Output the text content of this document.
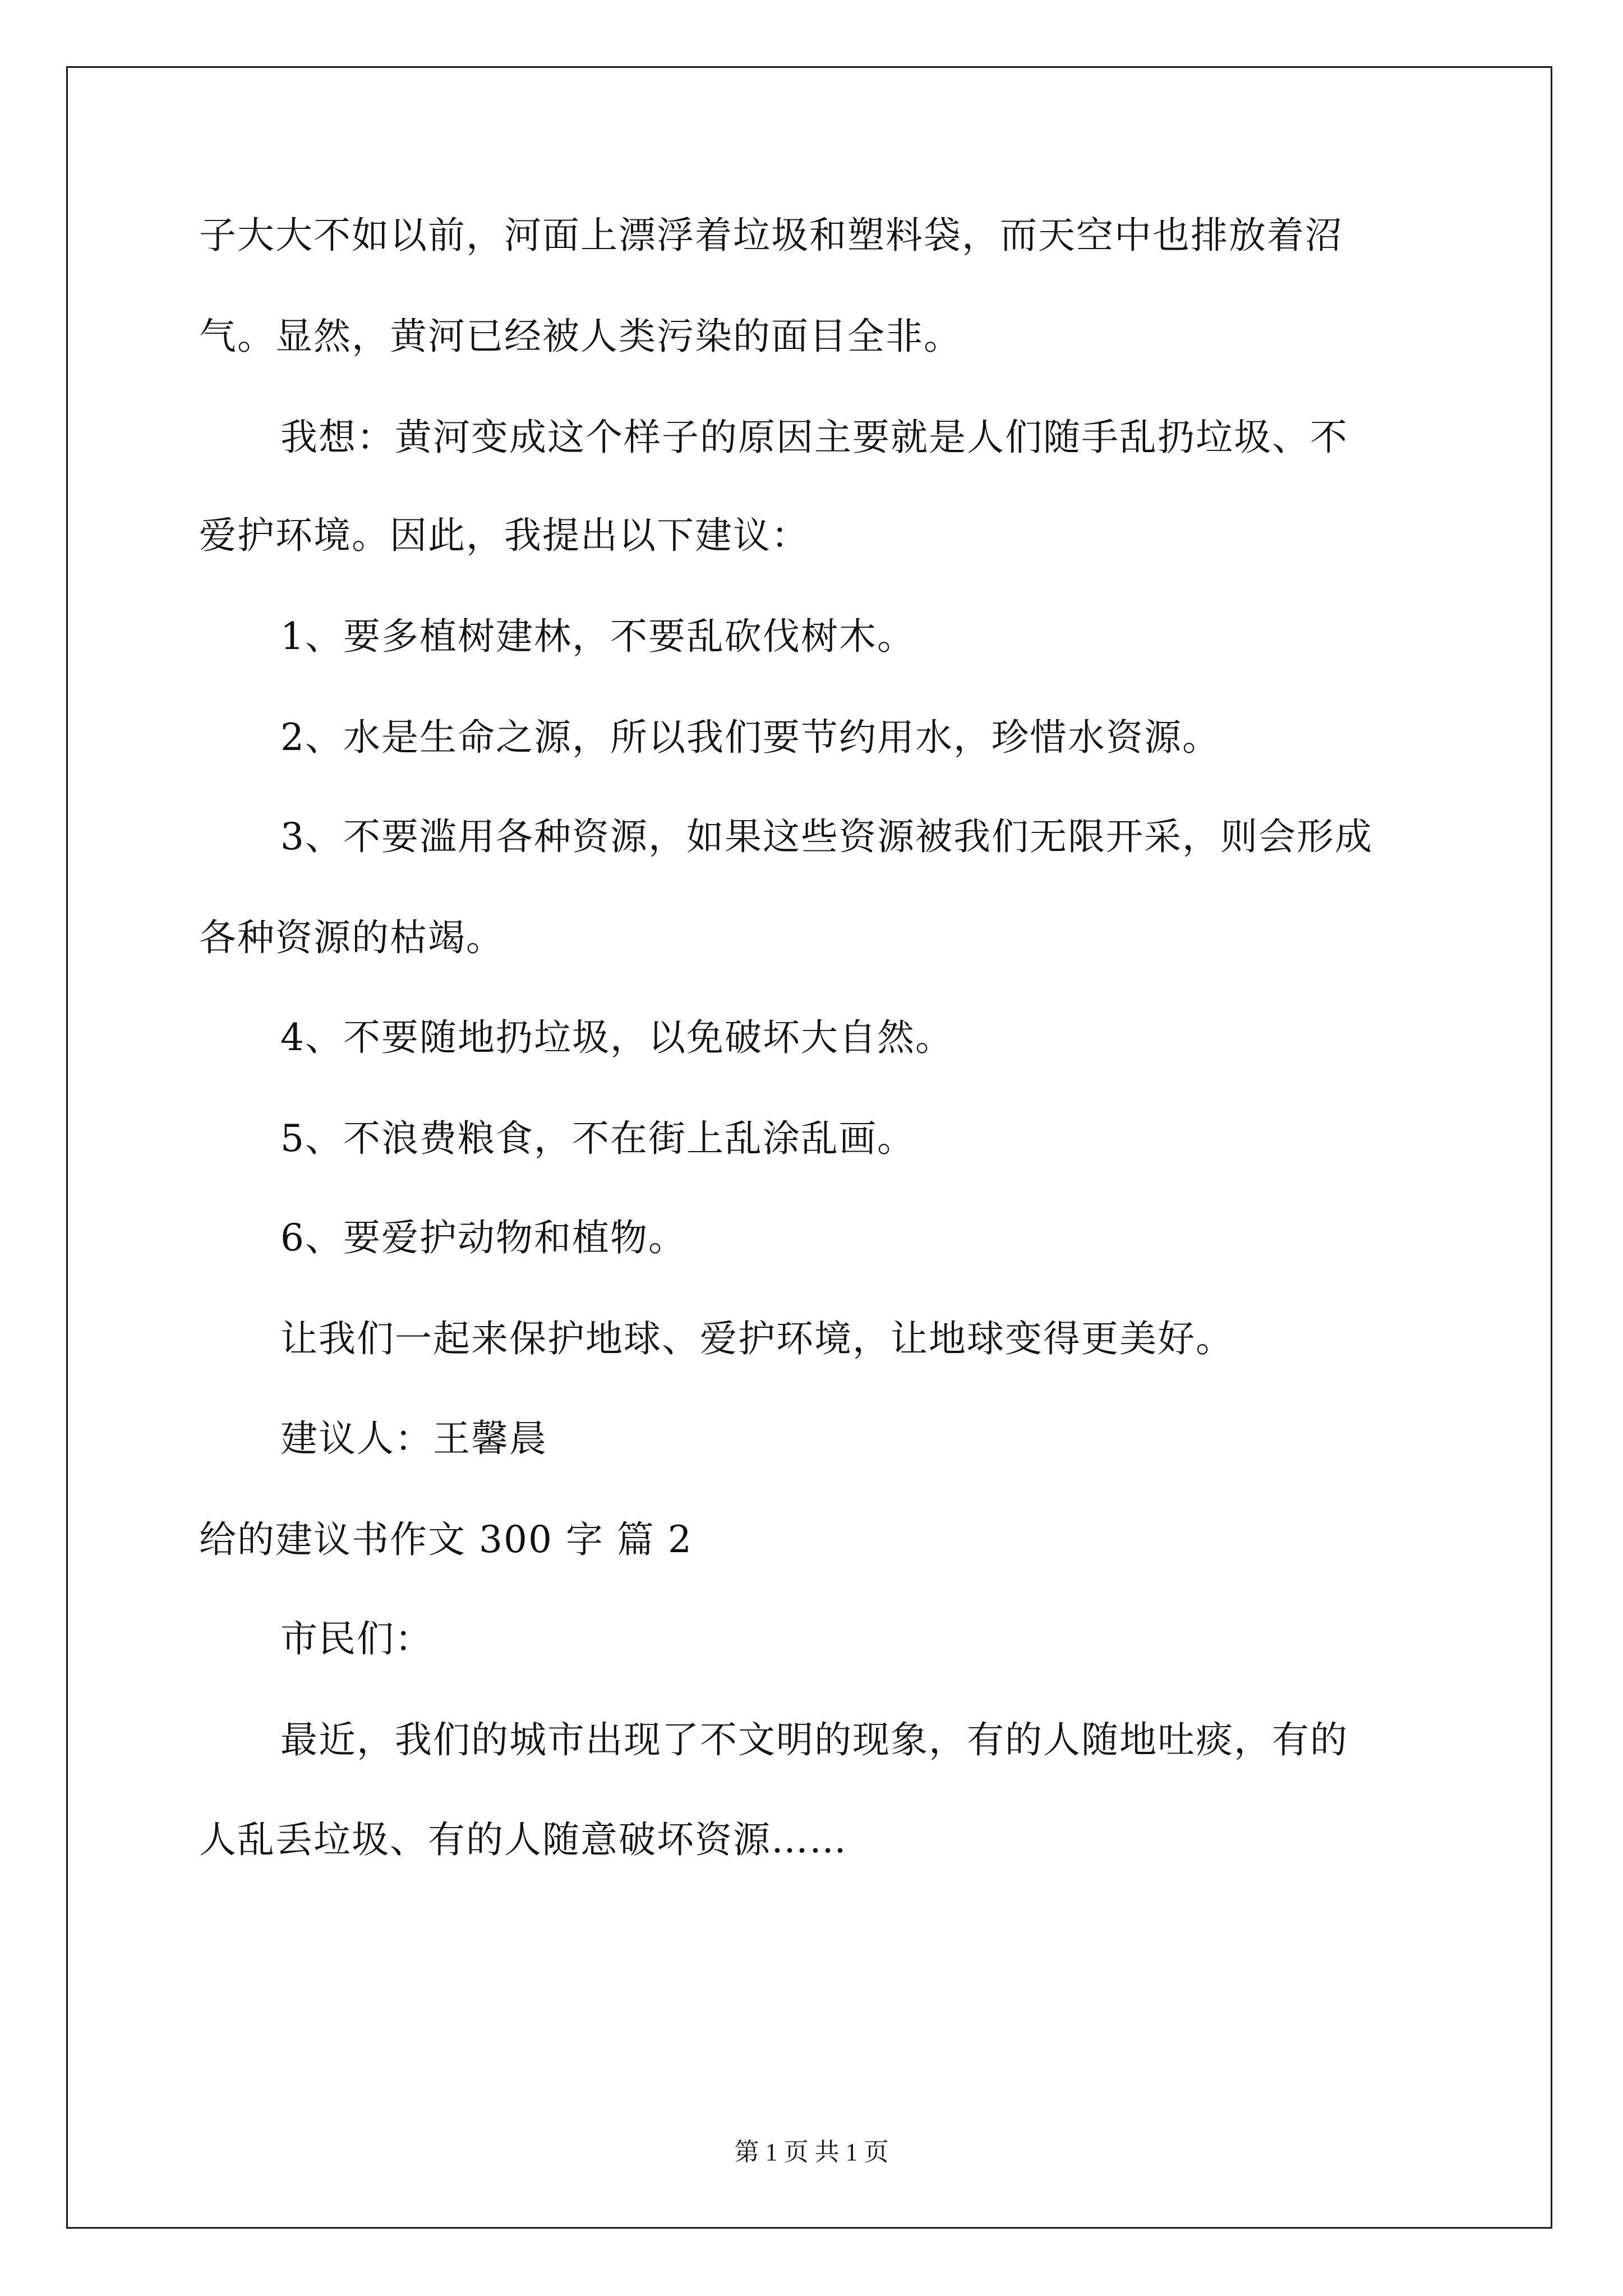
子大大不如以前，河面上漂浮着垃圾和塑料袋，而天空中也排放着沼
气。显然，黄河已经被人类污染的面目全非。
我想：黄河变成这个样子的原因主要就是人们随手乱扔垃圾、不
爱护环境。因此，我提出以下建议：
1、要多植树建林，不要乱砍伐树木。
2、水是生命之源，所以我们要节约用水，珍惜水资源。
3、不要滥用各种资源，如果这些资源被我们无限开采，则会形成
各种资源的枯竭。
4、不要随地扔垃圾，以免破坏大自然。
5、不浪费粮食，不在街上乱涂乱画。
6、要爱护动物和植物。
让我们一起来保护地球、爱护环境，让地球变得更美好。
建议人：王馨晨
给的建议书作文 300 字 篇 2
市民们：
最近，我们的城市出现了不文明的现象，有的人随地吐痰，有的
人乱丢垃圾、有的人随意破坏资源……
第 1 页 共 1 页
